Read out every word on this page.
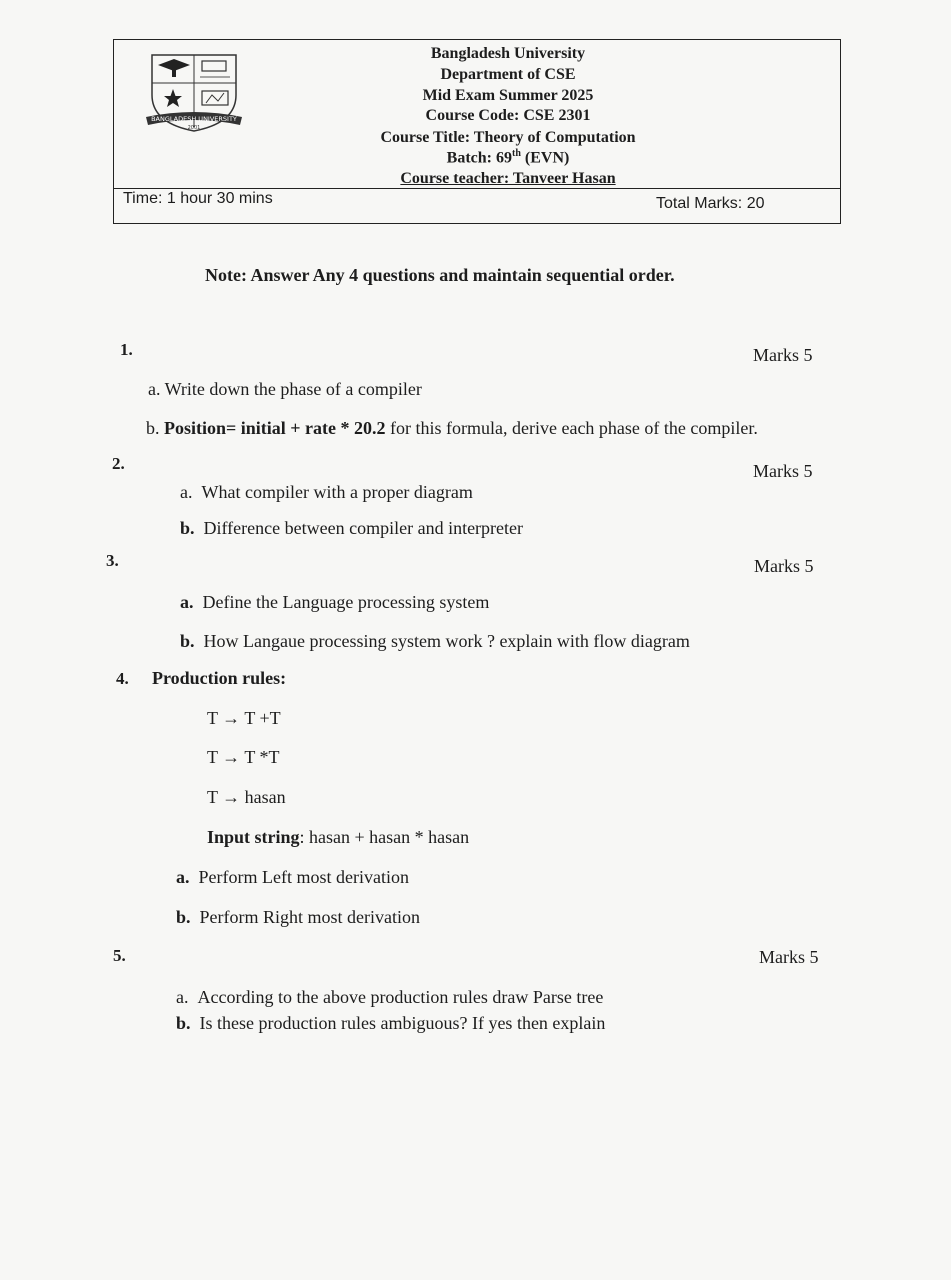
BANGLADESH UNIVERSITY
2001
Bangladesh University
Department of CSE
Mid Exam Summer 2025
Course Code: CSE 2301
Course Title: Theory of Computation
Batch: 69th (EVN)
Course teacher: Tanveer Hasan
Time: 1 hour 30 mins	Total Marks: 20
Note: Answer Any 4 questions and maintain sequential order.
1.	Marks 5
a. Write down the phase of a compiler
b. Position= initial + rate * 20.2 for this formula, derive each phase of the compiler.
2.	Marks 5
a. What compiler with a proper diagram
b. Difference between compiler and interpreter
3.	Marks 5
a. Define the Language processing system
b. How Langaue processing system work ? explain with flow diagram
4. Production rules:
T → T +T
T → T *T
T → hasan
Input string: hasan + hasan * hasan
a. Perform Left most derivation
b. Perform Right most derivation
5.	Marks 5
a. According to the above production rules draw Parse tree
b. Is these production rules ambiguous? If yes then explain
